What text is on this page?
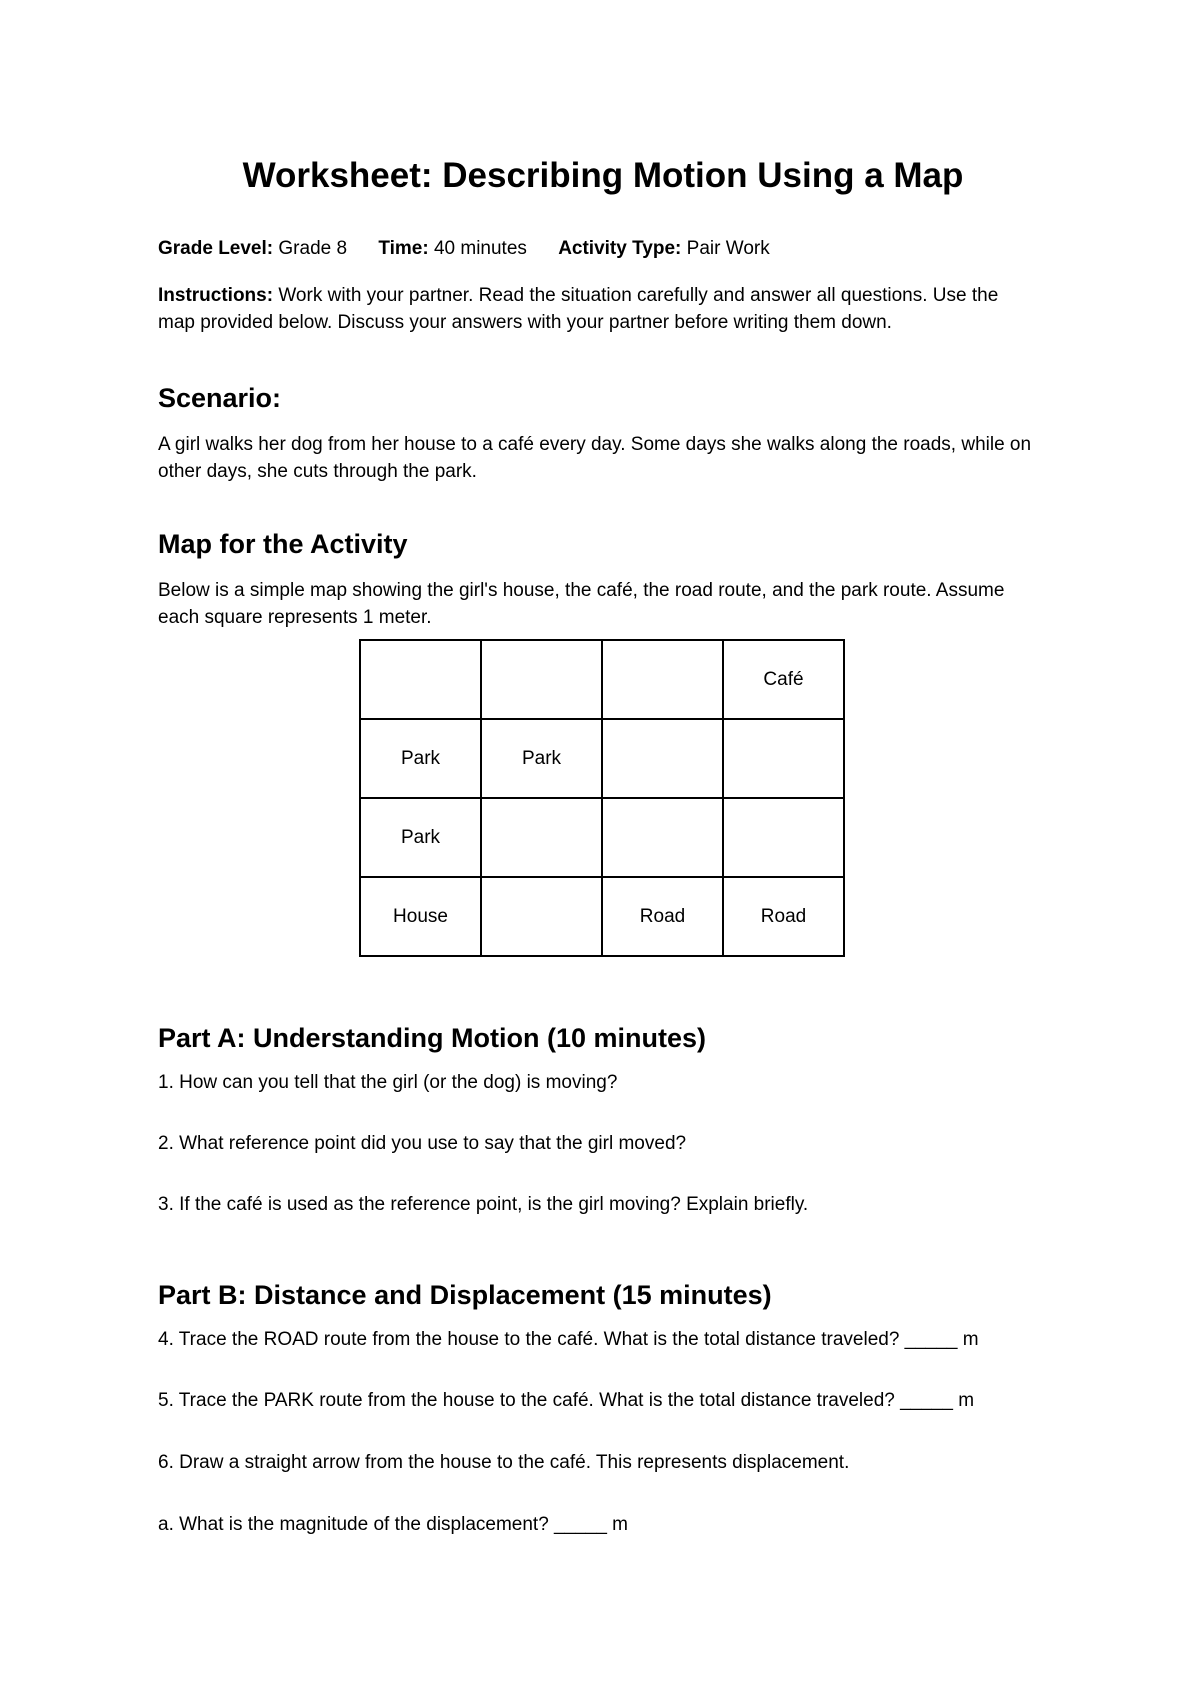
Worksheet: Describing Motion Using a Map
Grade Level: Grade 8 Time: 40 minutes Activity Type: Pair Work

Instructions: Work with your partner. Read the situation carefully and answer all questions. Use the map provided below. Discuss your answers with your partner before writing them down.

Scenario:

A girl walks her dog from her house to a café every day. Some days she walks along the roads, while on other days, she cuts through the park.

Map for the Activity

Below is a simple map showing the girl's house, the café, the road route, and the park route. Assume each square represents 1 meter.

			Café
Park	Park		
Park			
House		Road	Road
Part A: Understanding Motion (10 minutes)

1. How can you tell that the girl (or the dog) is moving?

2. What reference point did you use to say that the girl moved?

3. If the café is used as the reference point, is the girl moving? Explain briefly.

Part B: Distance and Displacement (15 minutes)

4. Trace the ROAD route from the house to the café. What is the total distance traveled? _____ m

5. Trace the PARK route from the house to the café. What is the total distance traveled? _____ m

6. Draw a straight arrow from the house to the café. This represents displacement.

a. What is the magnitude of the displacement? _____ m
